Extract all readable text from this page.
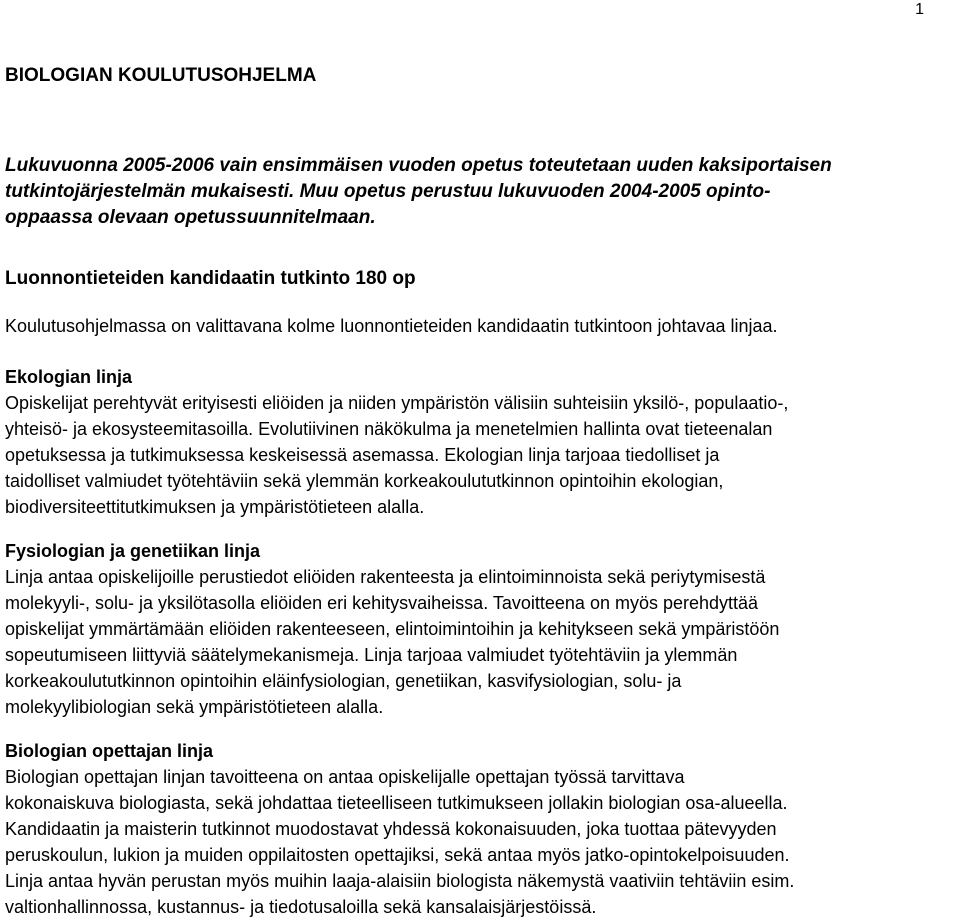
1
BIOLOGIAN KOULUTUSOHJELMA

Lukuvuonna 2005-2006 vain ensimmäisen vuoden opetus toteutetaan uuden kaksiportaisen
tutkintojärjestelmän mukaisesti. Muu opetus perustuu lukuvuoden 2004-2005 opinto-
oppaassa olevaan opetussuunnitelmaan.

Luonnontieteiden kandidaatin tutkinto 180 op

Koulutusohjelmassa on valittavana kolme luonnontieteiden kandidaatin tutkintoon johtavaa linjaa.

Ekologian linja
Opiskelijat perehtyvät erityisesti eliöiden ja niiden ympäristön välisiin suhteisiin yksilö-, populaatio-,
yhteisö- ja ekosysteemitasoilla. Evolutiivinen näkökulma ja menetelmien hallinta ovat tieteenalan
opetuksessa ja tutkimuksessa keskeisessä asemassa. Ekologian linja tarjoaa tiedolliset ja
taidolliset valmiudet työtehtäviin sekä ylemmän korkeakoulututkinnon opintoihin ekologian,
biodiversiteettitutkimuksen ja ympäristötieteen alalla.
Fysiologian ja genetiikan linja
Linja antaa opiskelijoille perustiedot eliöiden rakenteesta ja elintoiminnoista sekä periytymisestä
molekyyli-, solu- ja yksilötasolla eliöiden eri kehitysvaiheissa. Tavoitteena on myös perehdyttää
opiskelijat ymmärtämään eliöiden rakenteeseen, elintoimintoihin ja kehitykseen sekä ympäristöön
sopeutumiseen liittyviä säätelymekanismeja. Linja tarjoaa valmiudet työtehtäviin ja ylemmän
korkeakoulututkinnon opintoihin eläinfysiologian, genetiikan, kasvifysiologian, solu- ja
molekyylibiologian sekä ympäristötieteen alalla.
Biologian opettajan linja
Biologian opettajan linjan tavoitteena on antaa opiskelijalle opettajan työssä tarvittava
kokonaiskuva biologiasta, sekä johdattaa tieteelliseen tutkimukseen jollakin biologian osa-alueella.
Kandidaatin ja maisterin tutkinnot muodostavat yhdessä kokonaisuuden, joka tuottaa pätevyyden
peruskoulun, lukion ja muiden oppilaitosten opettajiksi, sekä antaa myös jatko-opintokelpoisuuden.
Linja antaa hyvän perustan myös muihin laaja-alaisiin biologista näkemystä vaativiin tehtäviin esim.
valtionhallinnossa, kustannus- ja tiedotusaloilla sekä kansalaisjärjestöissä.
